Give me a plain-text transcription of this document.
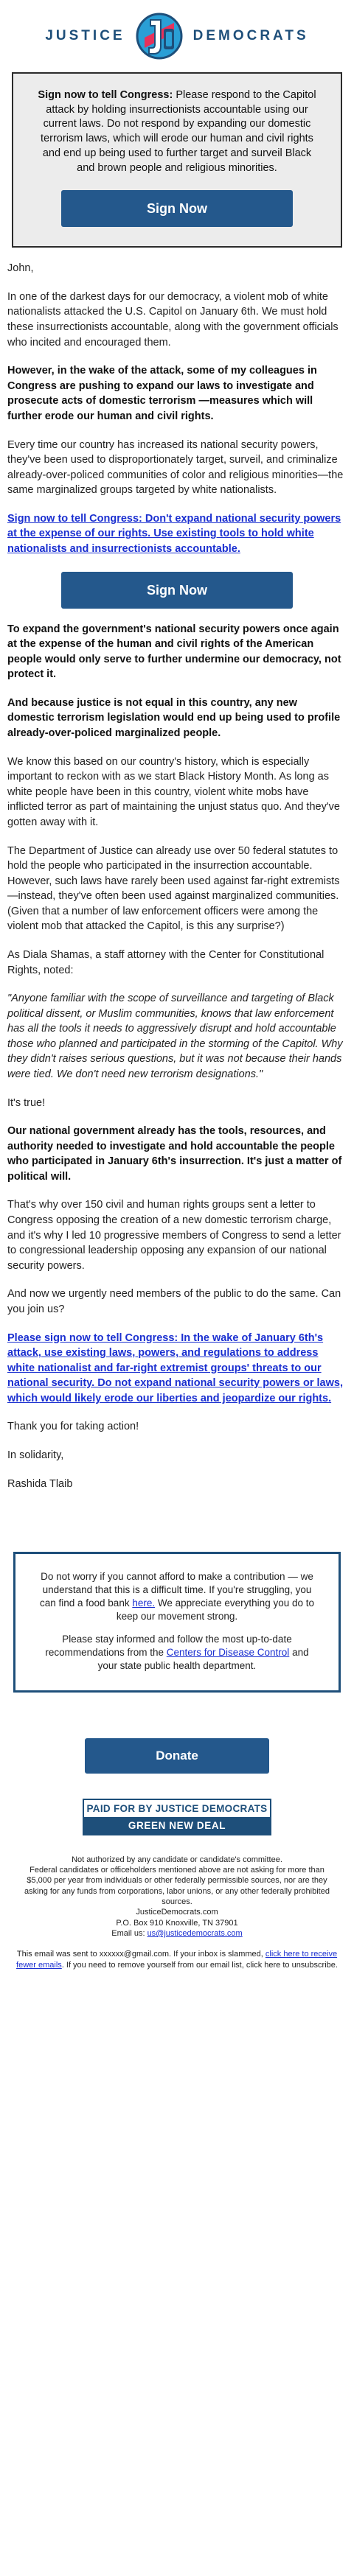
JUSTICE	DEMOCRATS

Sign now to tell Congress: Please respond to the Capitol attack by holding insurrectionists accountable using our current laws. Do not respond by expanding our domestic terrorism laws, which will erode our human and civil rights and end up being used to further target and surveil Black and brown people and religious minorities.

Sign Now

John,

In one of the darkest days for our democracy, a violent mob of white nationalists attacked the U.S. Capitol on January 6th. We must hold these insurrectionists accountable, along with the government officials who incited and encouraged them.

However, in the wake of the attack, some of my colleagues in Congress are pushing to expand our laws to investigate and prosecute acts of domestic terrorism —measures which will further erode our human and civil rights.

Every time our country has increased its national security powers, they've been used to disproportionately target, surveil, and criminalize already-over-policed communities of color and religious minorities—the same marginalized groups targeted by white nationalists.

Sign now to tell Congress: Don't expand national security powers at the expense of our rights. Use existing tools to hold white nationalists and insurrectionists accountable.

Sign Now

To expand the government's national security powers once again at the expense of the human and civil rights of the American people would only serve to further undermine our democracy, not protect it.

And because justice is not equal in this country, any new domestic terrorism legislation would end up being used to profile already-over-policed marginalized people.

We know this based on our country's history, which is especially important to reckon with as we start Black History Month. As long as white people have been in this country, violent white mobs have inflicted terror as part of maintaining the unjust status quo. And they've gotten away with it.

The Department of Justice can already use over 50 federal statutes to hold the people who participated in the insurrection accountable. However, such laws have rarely been used against far-right extremists—instead, they've often been used against marginalized communities. (Given that a number of law enforcement officers were among the violent mob that attacked the Capitol, is this any surprise?)

As Diala Shamas, a staff attorney with the Center for Constitutional Rights, noted:

"Anyone familiar with the scope of surveillance and targeting of Black political dissent, or Muslim communities, knows that law enforcement has all the tools it needs to aggressively disrupt and hold accountable those who planned and participated in the storming of the Capitol. Why they didn't raises serious questions, but it was not because their hands were tied. We don't need new terrorism designations."

It's true!

Our national government already has the tools, resources, and authority needed to investigate and hold accountable the people who participated in January 6th's insurrection. It's just a matter of political will.

That's why over 150 civil and human rights groups sent a letter to Congress opposing the creation of a new domestic terrorism charge, and it's why I led 10 progressive members of Congress to send a letter to congressional leadership opposing any expansion of our national security powers.

And now we urgently need members of the public to do the same. Can you join us?

Please sign now to tell Congress: In the wake of January 6th's attack, use existing laws, powers, and regulations to address white nationalist and far-right extremist groups' threats to our national security. Do not expand national security powers or laws, which would likely erode our liberties and jeopardize our rights.

Thank you for taking action!

In solidarity,

Rashida Tlaib

Do not worry if you cannot afford to make a contribution — we understand that this is a difficult time. If you're struggling, you can find a food bank here. We appreciate everything you do to keep our movement strong.

Please stay informed and follow the most up-to-date recommendations from the Centers for Disease Control and your state public health department.

Donate
PAID FOR BY JUSTICE DEMOCRATS
GREEN NEW DEAL

Not authorized by any candidate or candidate's committee.
Federal candidates or officeholders mentioned above are not asking for more than $5,000 per year from individuals or other federally permissible sources, nor are they asking for any funds from corporations, labor unions, or any other federally prohibited sources.
JusticeDemocrats.com
P.O. Box 910 Knoxville, TN 37901
Email us: us@justicedemocrats.com

This email was sent to xxxxxx@gmail.com. If your inbox is slammed, click here to receive fewer emails. If you need to remove yourself from our email list, click here to unsubscribe.
